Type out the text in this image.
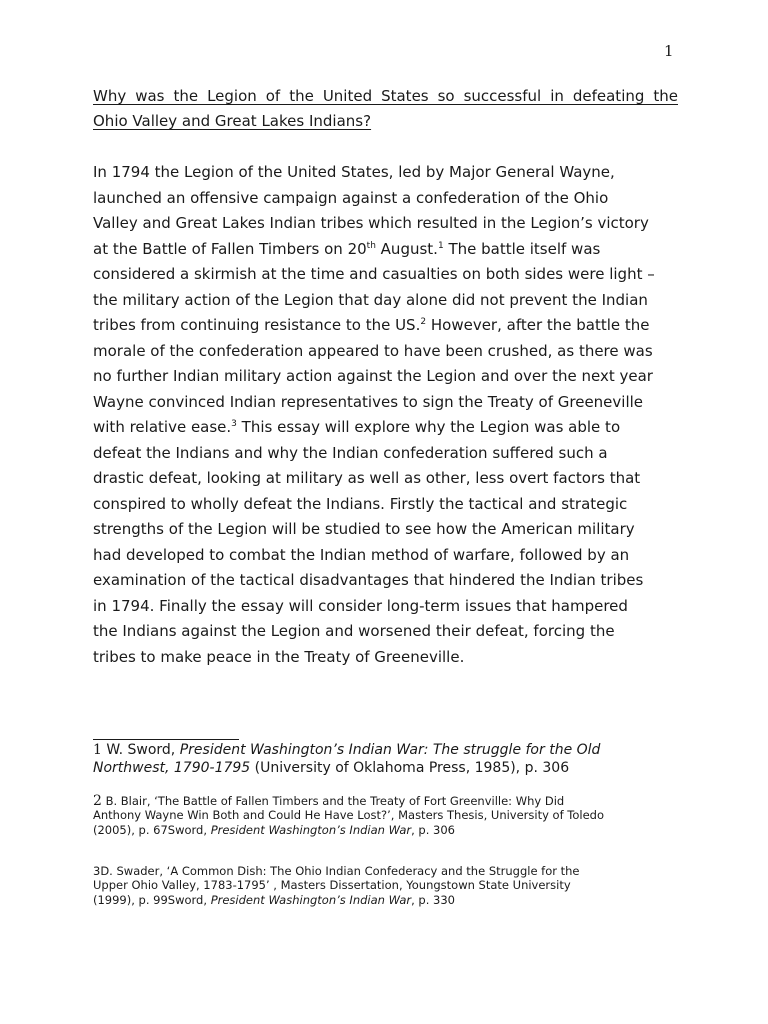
1
Why was the Legion of the United States so successful in defeating the
Ohio Valley and Great Lakes Indians?
In 1794 the Legion of the United States, led by Major General Wayne,
launched an offensive campaign against a confederation of the Ohio
Valley and Great Lakes Indian tribes which resulted in the Legion’s victory
at the Battle of Fallen Timbers on 20th August.$^1$ The battle itself was
considered a skirmish at the time and casualties on both sides were light –
the military action of the Legion that day alone did not prevent the Indian
tribes from continuing resistance to the US.$^2$ However, after the battle the
morale of the confederation appeared to have been crushed, as there was
no further Indian military action against the Legion and over the next year
Wayne convinced Indian representatives to sign the Treaty of Greeneville
with relative ease.$^3$ This essay will explore why the Legion was able to
defeat the Indians and why the Indian confederation suffered such a
drastic defeat, looking at military as well as other, less overt factors that
conspired to wholly defeat the Indians. Firstly the tactical and strategic
strengths of the Legion will be studied to see how the American military
had developed to combat the Indian method of warfare, followed by an
examination of the tactical disadvantages that hindered the Indian tribes
in 1794. Finally the essay will consider long-term issues that hampered
the Indians against the Legion and worsened their defeat, forcing the
tribes to make peace in the Treaty of Greeneville.
1 W. Sword, President Washington’s Indian War: The struggle for the Old
Northwest, 1790-1795 (University of Oklahoma Press, 1985), p. 306
2 B. Blair, ‘The Battle of Fallen Timbers and the Treaty of Fort Greenville: Why Did
Anthony Wayne Win Both and Could He Have Lost?’, Masters Thesis, University of Toledo
(2005), p. 67Sword, President Washington’s Indian War, p. 306
3D. Swader, ‘A Common Dish: The Ohio Indian Confederacy and the Struggle for the
Upper Ohio Valley, 1783-1795’ , Masters Dissertation, Youngstown State University
(1999), p. 99Sword, President Washington’s Indian War, p. 330
